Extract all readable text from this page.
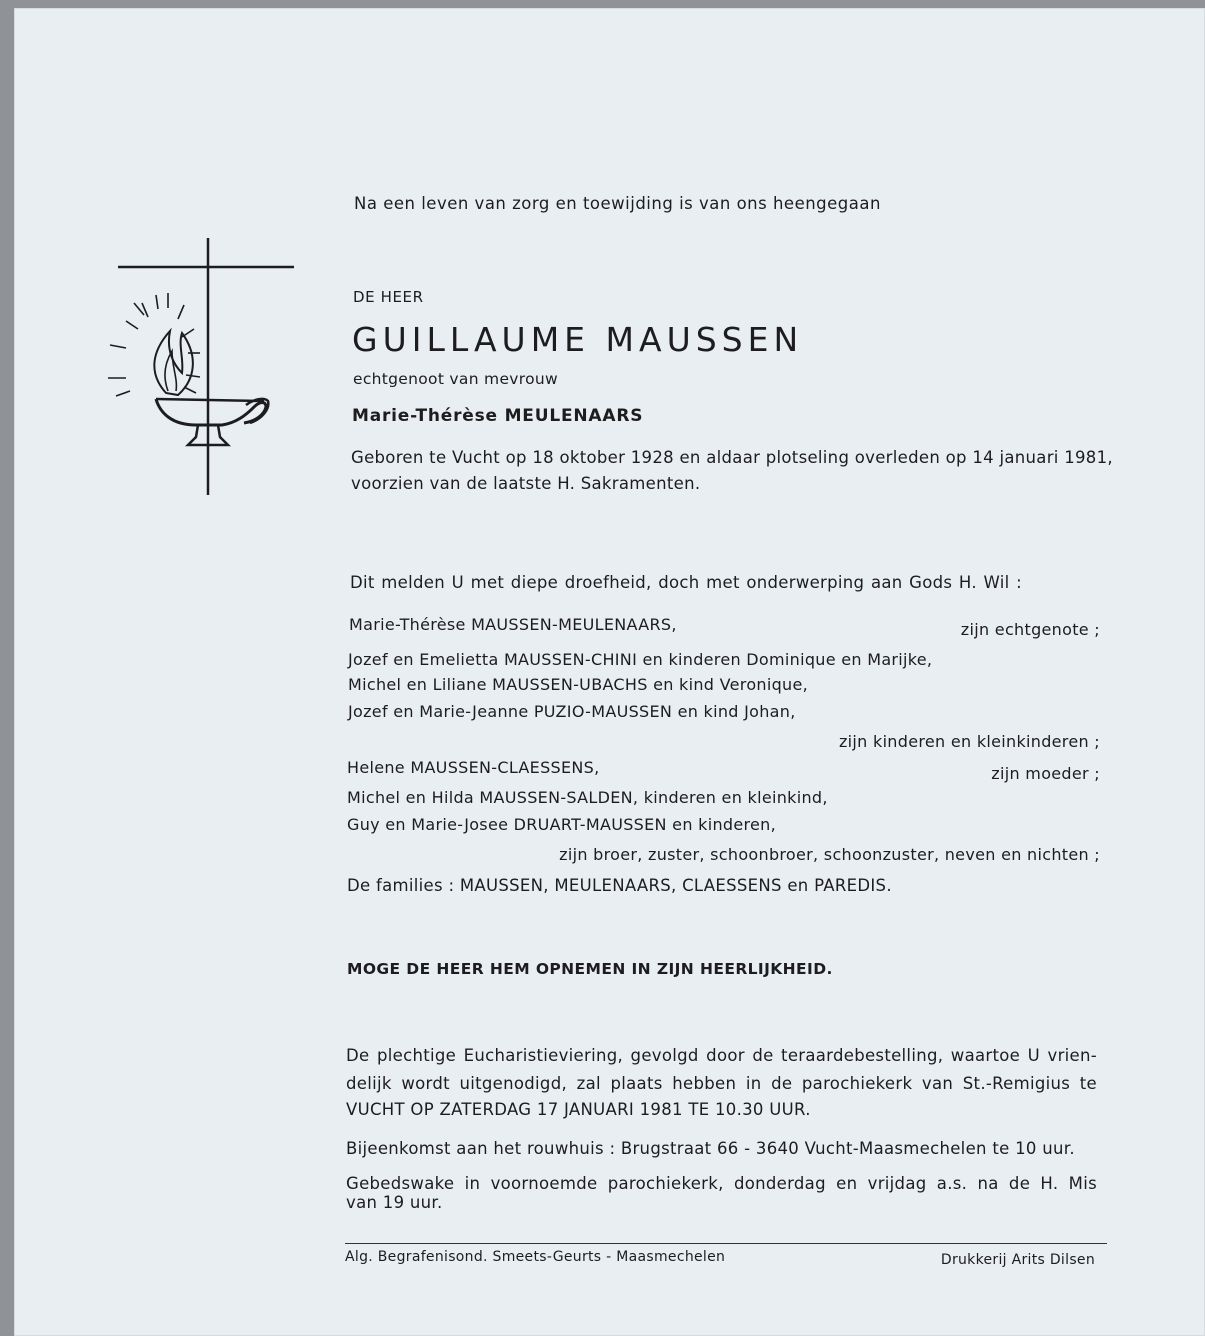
Na een leven van zorg en toewijding is van ons heengegaan
DE HEER
GUILLAUME MAUSSEN
echtgenoot van mevrouw
Marie-Thérèse MEULENAARS
Geboren te Vucht op 18 oktober 1928 en aldaar plotseling overleden op 14 januari 1981,
voorzien van de laatste H. Sakramenten.
Dit melden U met diepe droefheid, doch met onderwerping aan Gods H. Wil :
Marie-Thérèse MAUSSEN-MEULENAARS,	zijn echtgenote ;
Jozef en Emelietta MAUSSEN-CHINI en kinderen Dominique en Marijke,
Michel en Liliane MAUSSEN-UBACHS en kind Veronique,
Jozef en Marie-Jeanne PUZIO-MAUSSEN en kind Johan,
zijn kinderen en kleinkinderen ;
Helene MAUSSEN-CLAESSENS,	zijn moeder ;
Michel en Hilda MAUSSEN-SALDEN, kinderen en kleinkind,
Guy en Marie-Josee DRUART-MAUSSEN en kinderen,
zijn broer, zuster, schoonbroer, schoonzuster, neven en nichten ;
De families : MAUSSEN, MEULENAARS, CLAESSENS en PAREDIS.
MOGE DE HEER HEM OPNEMEN IN ZIJN HEERLIJKHEID.
De plechtige Eucharistieviering, gevolgd door de teraardebestelling, waartoe U vrien-
delijk wordt uitgenodigd, zal plaats hebben in de parochiekerk van St.-Remigius te
VUCHT OP ZATERDAG 17 JANUARI 1981 TE 10.30 UUR.
Bijeenkomst aan het rouwhuis : Brugstraat 66 - 3640 Vucht-Maasmechelen te 10 uur.
Gebedswake in voornoemde parochiekerk, donderdag en vrijdag a.s. na de H. Mis
van 19 uur.
Alg. Begrafenisond. Smeets-Geurts - Maasmechelen	Drukkerij Arits Dilsen
